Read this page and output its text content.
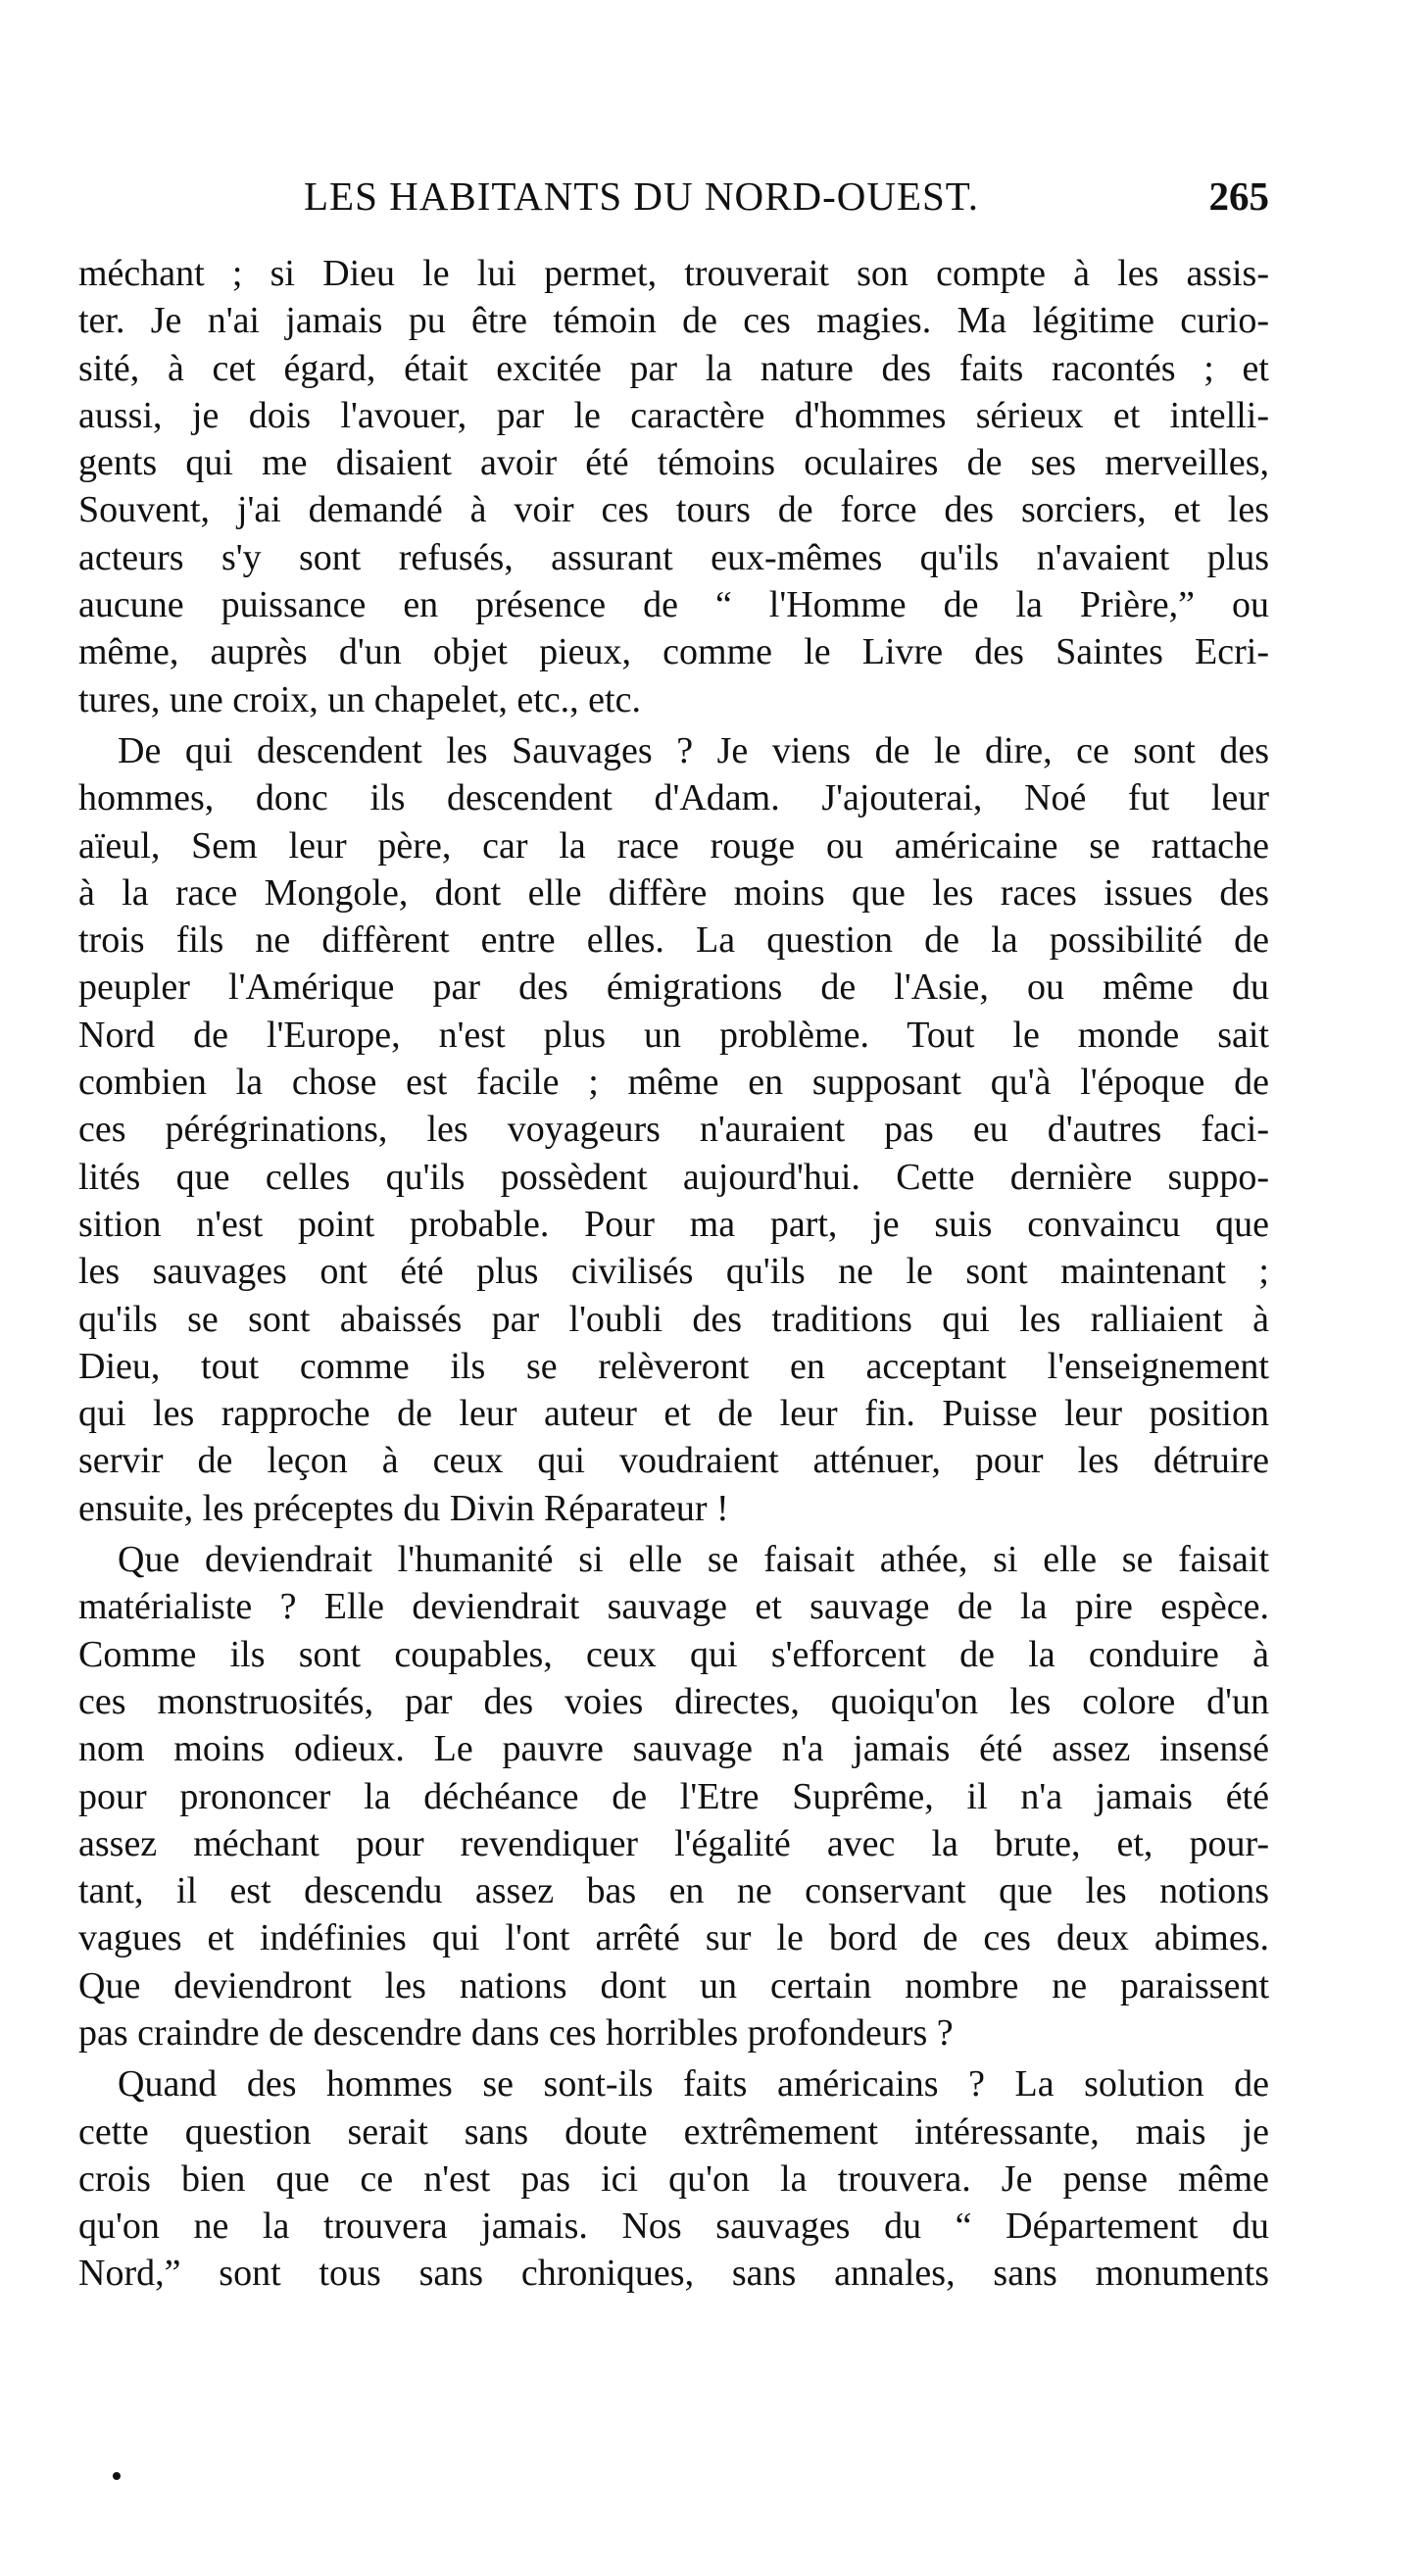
LES HABITANTS DU NORD-OUEST.	265
méchant ; si Dieu le lui permet, trouverait son compte à les assis-
ter. Je n'ai jamais pu être témoin de ces magies. Ma légitime curio-
sité, à cet égard, était excitée par la nature des faits racontés ; et
aussi, je dois l'avouer, par le caractère d'hommes sérieux et intelli-
gents qui me disaient avoir été témoins oculaires de ses merveilles,
Souvent, j'ai demandé à voir ces tours de force des sorciers, et les
acteurs s'y sont refusés, assurant eux-mêmes qu'ils n'avaient plus
aucune puissance en présence de “ l'Homme de la Prière,” ou
même, auprès d'un objet pieux, comme le Livre des Saintes Ecri-
tures, une croix, un chapelet, etc., etc.
De qui descendent les Sauvages ? Je viens de le dire, ce sont des
hommes, donc ils descendent d'Adam. J'ajouterai, Noé fut leur
aïeul, Sem leur père, car la race rouge ou américaine se rattache
à la race Mongole, dont elle diffère moins que les races issues des
trois fils ne diffèrent entre elles. La question de la possibilité de
peupler l'Amérique par des émigrations de l'Asie, ou même du
Nord de l'Europe, n'est plus un problème. Tout le monde sait
combien la chose est facile ; même en supposant qu'à l'époque de
ces pérégrinations, les voyageurs n'auraient pas eu d'autres faci-
lités que celles qu'ils possèdent aujourd'hui. Cette dernière suppo-
sition n'est point probable. Pour ma part, je suis convaincu que
les sauvages ont été plus civilisés qu'ils ne le sont maintenant ;
qu'ils se sont abaissés par l'oubli des traditions qui les ralliaient à
Dieu, tout comme ils se relèveront en acceptant l'enseignement
qui les rapproche de leur auteur et de leur fin. Puisse leur position
servir de leçon à ceux qui voudraient atténuer, pour les détruire
ensuite, les préceptes du Divin Réparateur !
Que deviendrait l'humanité si elle se faisait athée, si elle se faisait
matérialiste ? Elle deviendrait sauvage et sauvage de la pire espèce.
Comme ils sont coupables, ceux qui s'efforcent de la conduire à
ces monstruosités, par des voies directes, quoiqu'on les colore d'un
nom moins odieux. Le pauvre sauvage n'a jamais été assez insensé
pour prononcer la déchéance de l'Etre Suprême, il n'a jamais été
assez méchant pour revendiquer l'égalité avec la brute, et, pour-
tant, il est descendu assez bas en ne conservant que les notions
vagues et indéfinies qui l'ont arrêté sur le bord de ces deux abimes.
Que deviendront les nations dont un certain nombre ne paraissent
pas craindre de descendre dans ces horribles profondeurs ?
Quand des hommes se sont-ils faits américains ? La solution de
cette question serait sans doute extrêmement intéressante, mais je
crois bien que ce n'est pas ici qu'on la trouvera. Je pense même
qu'on ne la trouvera jamais. Nos sauvages du “ Département du
Nord,” sont tous sans chroniques, sans annales, sans monuments
